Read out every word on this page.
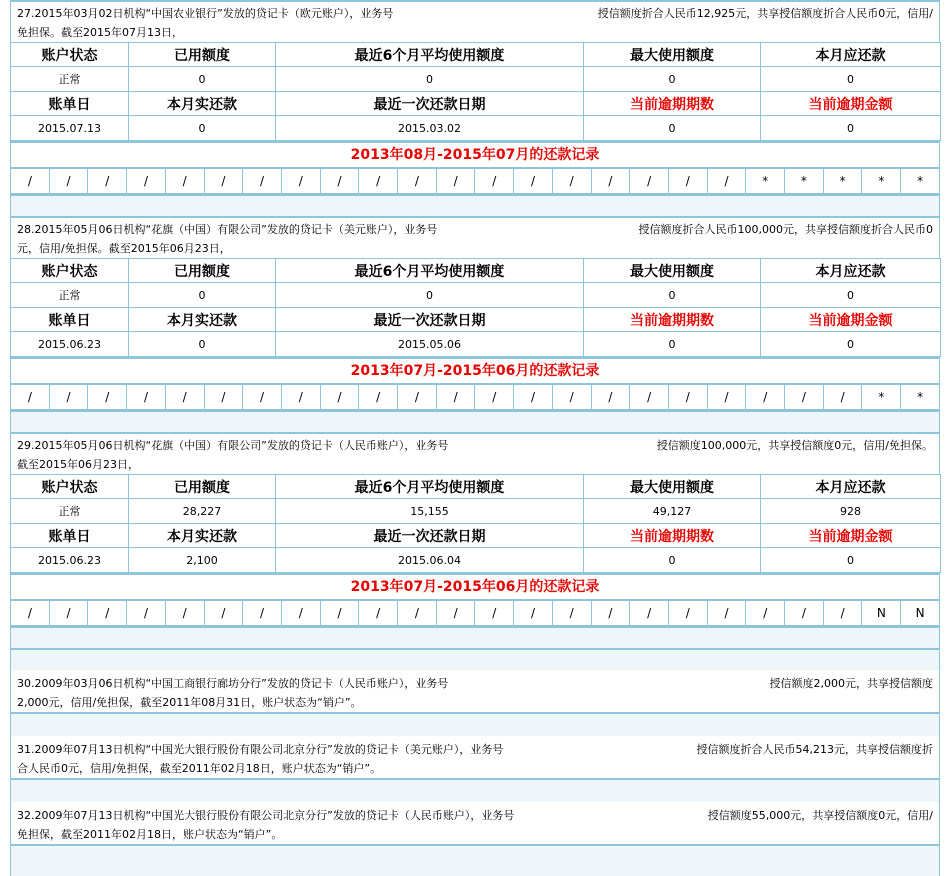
授信额度折合人民币12,925元，共享授信额度折合人民币0元，信用/
27.2015年03月02日机构“中国农业银行”发放的贷记卡（欧元账户），业务号
免担保。截至2015年07月13日，
账户状态	已用额度	最近6个月平均使用额度	最大使用额度	本月应还款
正常	0	0	0	0
账单日	本月实还款	最近一次还款日期	当前逾期期数	当前逾期金额
2015.07.13	0	2015.03.02	0	0
2013年08月-2015年07月的还款记录
/	/	/	/	/	/	/	/	/	/	/	/	/	/	/	/	/	/	/	*	*	*	*	*
授信额度折合人民币100,000元，共享授信额度折合人民币0
28.2015年05月06日机构“花旗（中国）有限公司”发放的贷记卡（美元账户），业务号
元，信用/免担保。截至2015年06月23日，
账户状态	已用额度	最近6个月平均使用额度	最大使用额度	本月应还款
正常	0	0	0	0
账单日	本月实还款	最近一次还款日期	当前逾期期数	当前逾期金额
2015.06.23	0	2015.05.06	0	0
2013年07月-2015年06月的还款记录
/	/	/	/	/	/	/	/	/	/	/	/	/	/	/	/	/	/	/	/	/	/	*	*
授信额度100,000元，共享授信额度0元，信用/免担保。
29.2015年05月06日机构“花旗（中国）有限公司”发放的贷记卡（人民币账户），业务号
截至2015年06月23日，
账户状态	已用额度	最近6个月平均使用额度	最大使用额度	本月应还款
正常	28,227	15,155	49,127	928
账单日	本月实还款	最近一次还款日期	当前逾期期数	当前逾期金额
2015.06.23	2,100	2015.06.04	0	0
2013年07月-2015年06月的还款记录
/	/	/	/	/	/	/	/	/	/	/	/	/	/	/	/	/	/	/	/	/	/	N	N
授信额度2,000元，共享授信额度
30.2009年03月06日机构“中国工商银行廊坊分行”发放的贷记卡（人民币账户），业务号
2,000元，信用/免担保，截至2011年08月31日，账户状态为“销户”。
授信额度折合人民币54,213元，共享授信额度折
31.2009年07月13日机构“中国光大银行股份有限公司北京分行”发放的贷记卡（美元账户），业务号
合人民币0元，信用/免担保，截至2011年02月18日，账户状态为“销户”。
授信额度55,000元，共享授信额度0元，信用/
32.2009年07月13日机构“中国光大银行股份有限公司北京分行”发放的贷记卡（人民币账户），业务号
免担保，截至2011年02月18日，账户状态为“销户”。
